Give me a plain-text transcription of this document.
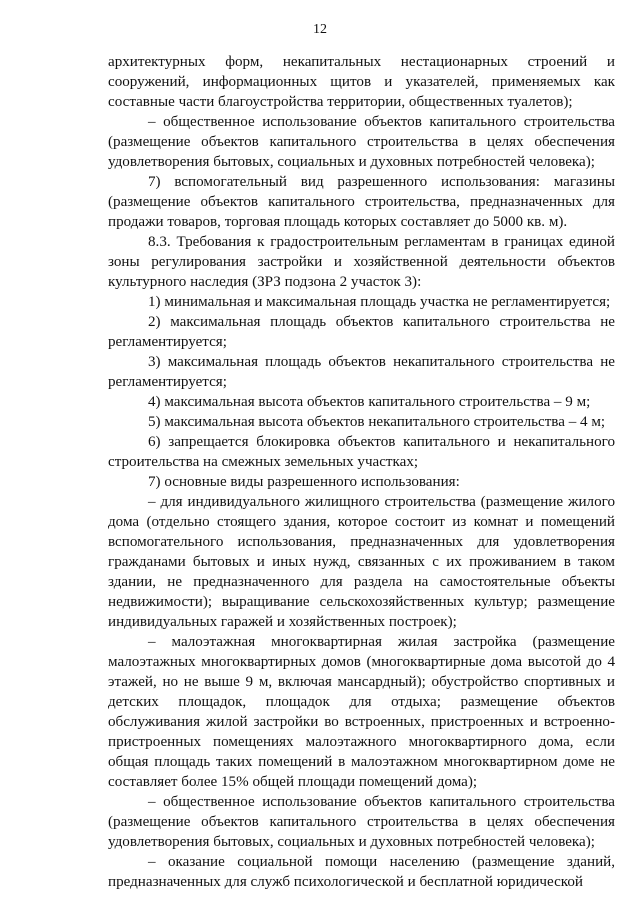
12

архитектурных форм, некапитальных нестационарных строений и сооружений, информационных щитов и указателей, применяемых как составные части благоустройства территории, общественных туалетов);

– общественное использование объектов капитального строительства (размещение объектов капитального строительства в целях обеспечения удовлетворения бытовых, социальных и духовных потребностей человека);

7) вспомогательный вид разрешенного использования: магазины (размещение объектов капитального строительства, предназначенных для продажи товаров, торговая площадь которых составляет до 5000 кв. м).

8.3. Требования к градостроительным регламентам в границах единой зоны регулирования застройки и хозяйственной деятельности объектов культурного наследия (ЗРЗ подзона 2 участок 3):

1) минимальная и максимальная площадь участка не регламентируется;

2) максимальная площадь объектов капитального строительства не регламентируется;

3) максимальная площадь объектов некапитального строительства не регламентируется;

4) максимальная высота объектов капитального строительства – 9 м;

5) максимальная высота объектов некапитального строительства – 4 м;

6) запрещается блокировка объектов капитального и некапитального строительства на смежных земельных участках;

7) основные виды разрешенного использования:

– для индивидуального жилищного строительства (размещение жилого дома (отдельно стоящего здания, которое состоит из комнат и помещений вспомогательного использования, предназначенных для удовлетворения гражданами бытовых и иных нужд, связанных с их проживанием в таком здании, не предназначенного для раздела на самостоятельные объекты недвижимости); выращивание сельскохозяйственных культур; размещение индивидуальных гаражей и хозяйственных построек);

– малоэтажная многоквартирная жилая застройка (размещение малоэтажных многоквартирных домов (многоквартирные дома высотой до 4 этажей, но не выше 9 м, включая мансардный); обустройство спортивных и детских площадок, площадок для отдыха; размещение объектов обслуживания жилой застройки во встроенных, пристроенных и встроенно-пристроенных помещениях малоэтажного многоквартирного дома, если общая площадь таких помещений в малоэтажном многоквартирном доме не составляет более 15% общей площади помещений дома);

– общественное использование объектов капитального строительства (размещение объектов капитального строительства в целях обеспечения удовлетворения бытовых, социальных и духовных потребностей человека);

– оказание социальной помощи населению (размещение зданий, предназначенных для служб психологической и бесплатной юридической
